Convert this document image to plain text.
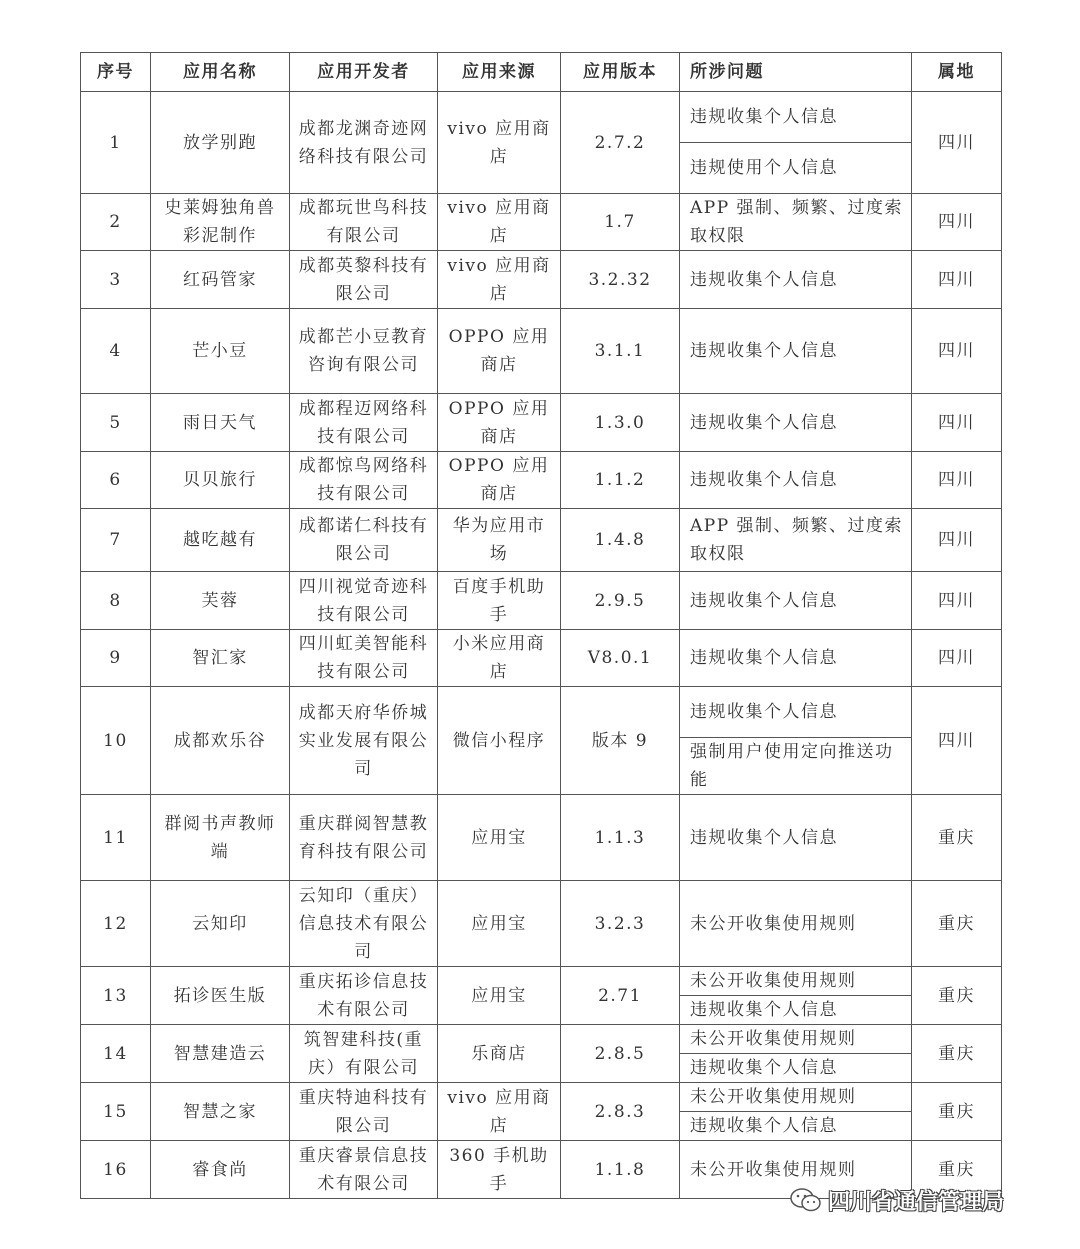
序号	应用名称	应用开发者	应用来源	应用版本	所涉问题	属地
1	放学别跑	成都龙渊奇迹网络科技有限公司	vivo 应用商店	2.7.2	违规收集个人信息	四川
					违规使用个人信息	
2	史莱姆独角兽彩泥制作	成都玩世鸟科技有限公司	vivo 应用商店	1.7	APP 强制、频繁、过度索取权限	四川
3	红码管家	成都英黎科技有限公司	vivo 应用商店	3.2.32	违规收集个人信息	四川
4	芒小豆	成都芒小豆教育咨询有限公司	OPPO 应用商店	3.1.1	违规收集个人信息	四川
5	雨日天气	成都程迈网络科技有限公司	OPPO 应用商店	1.3.0	违规收集个人信息	四川
6	贝贝旅行	成都惊鸟网络科技有限公司	OPPO 应用商店	1.1.2	违规收集个人信息	四川
7	越吃越有	成都诺仁科技有限公司	华为应用市场	1.4.8	APP 强制、频繁、过度索取权限	四川
8	芙蓉	四川视觉奇迹科技有限公司	百度手机助手	2.9.5	违规收集个人信息	四川
9	智汇家	四川虹美智能科技有限公司	小米应用商店	V8.0.1	违规收集个人信息	四川
10	成都欢乐谷	成都天府华侨城实业发展有限公司	微信小程序	版本 9	违规收集个人信息	四川
					强制用户使用定向推送功能	
11	群阅书声教师端	重庆群阅智慧教育科技有限公司	应用宝	1.1.3	违规收集个人信息	重庆
12	云知印	云知印（重庆）信息技术有限公司	应用宝	3.2.3	未公开收集使用规则	重庆
13	拓诊医生版	重庆拓诊信息技术有限公司	应用宝	2.71	未公开收集使用规则	重庆
					违规收集个人信息	
14	智慧建造云	筑智建科技(重庆）有限公司	乐商店	2.8.5	未公开收集使用规则	重庆
					违规收集个人信息	
15	智慧之家	重庆特迪科技有限公司	vivo 应用商店	2.8.3	未公开收集使用规则	重庆
					违规收集个人信息	
16	睿食尚	重庆睿景信息技术有限公司	360 手机助手	1.1.8	未公开收集使用规则	重庆
四川省通信管理局
